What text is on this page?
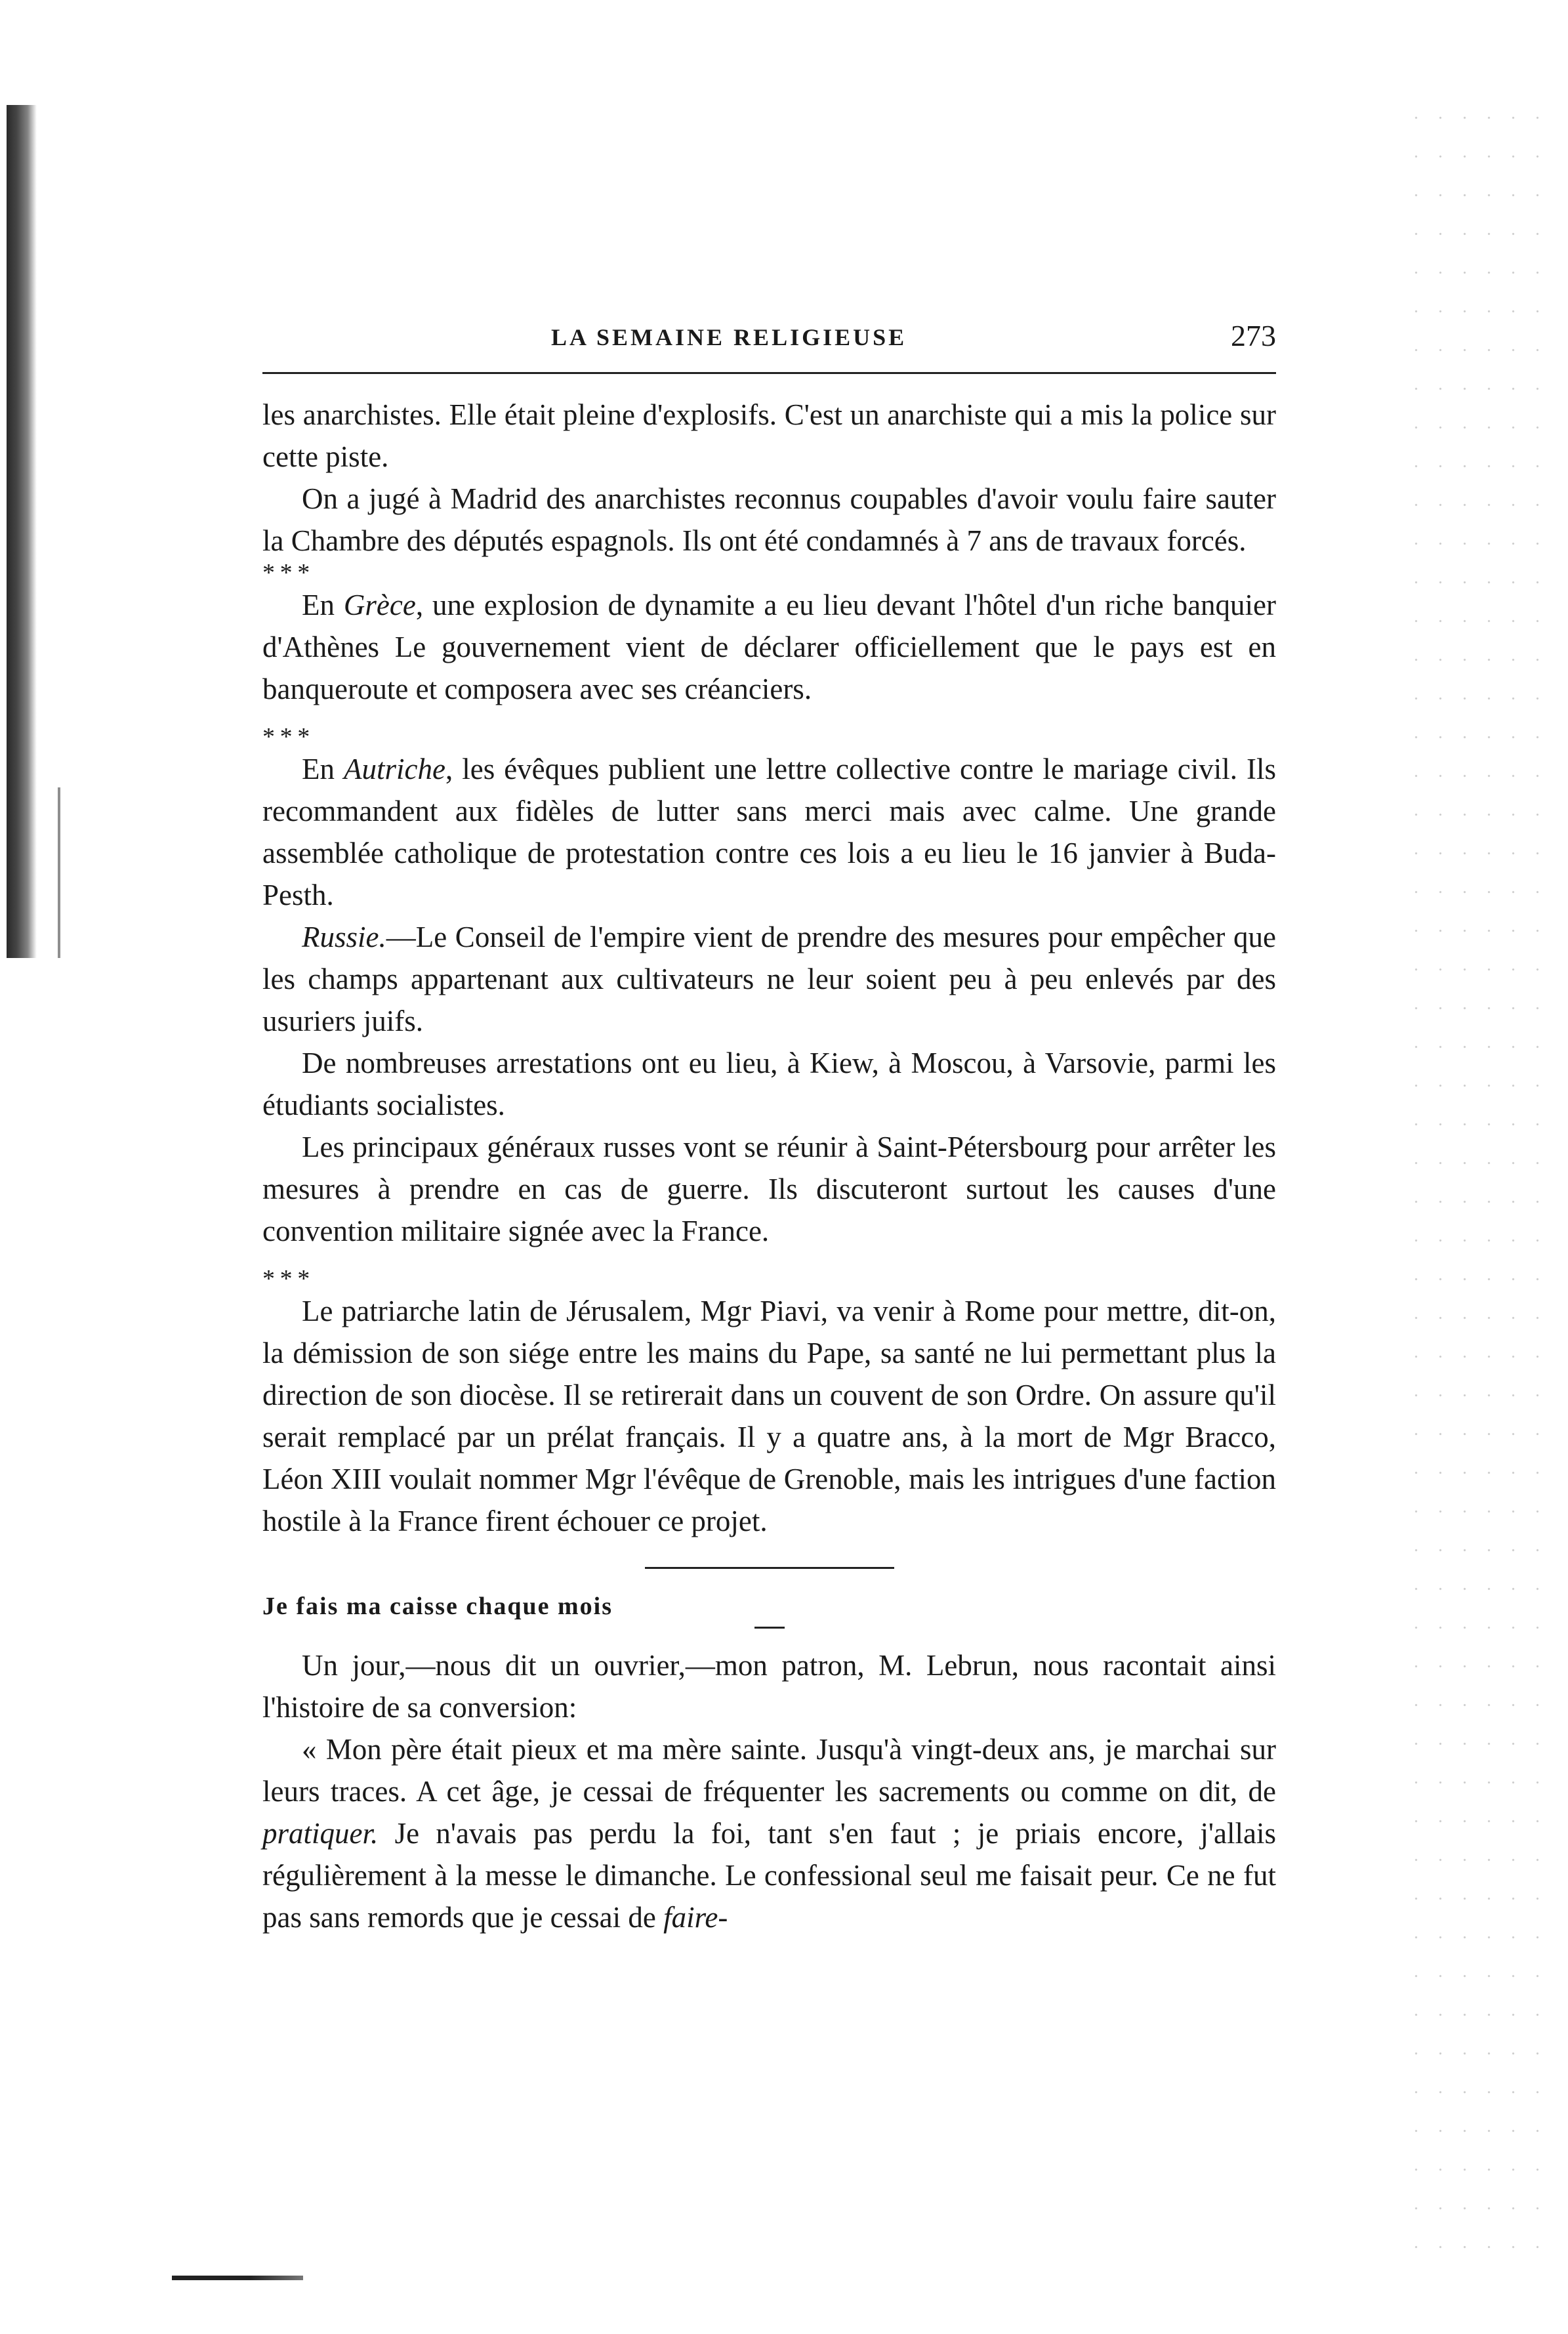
LA SEMAINE RELIGIEUSE	273

les anarchistes. Elle était pleine d'explosifs. C'est un anarchiste qui a mis la police sur cette piste.

On a jugé à Madrid des anarchistes reconnus coupables d'avoir voulu faire sauter la Chambre des députés espagnols. Ils ont été condamnés à 7 ans de travaux forcés.

* * *

En Grèce, une explosion de dynamite a eu lieu devant l'hôtel d'un riche banquier d'Athènes Le gouvernement vient de déclarer officiellement que le pays est en banqueroute et composera avec ses créanciers.

* * *

En Autriche, les évêques publient une lettre collective contre le mariage civil. Ils recommandent aux fidèles de lutter sans merci mais avec calme. Une grande assemblée catholique de protestation contre ces lois a eu lieu le 16 janvier à Buda-Pesth.

Russie.—Le Conseil de l'empire vient de prendre des mesures pour empêcher que les champs appartenant aux cultivateurs ne leur soient peu à peu enlevés par des usuriers juifs.

De nombreuses arrestations ont eu lieu, à Kiew, à Moscou, à Varsovie, parmi les étudiants socialistes.

Les principaux généraux russes vont se réunir à Saint-Pétersbourg pour arrêter les mesures à prendre en cas de guerre. Ils discuteront surtout les causes d'une convention militaire signée avec la France.

* * *

Le patriarche latin de Jérusalem, Mgr Piavi, va venir à Rome pour mettre, dit-on, la démission de son siége entre les mains du Pape, sa santé ne lui permettant plus la direction de son diocèse. Il se retirerait dans un couvent de son Ordre. On assure qu'il serait remplacé par un prélat français. Il y a quatre ans, à la mort de Mgr Bracco, Léon XIII voulait nommer Mgr l'évêque de Grenoble, mais les intrigues d'une faction hostile à la France firent échouer ce projet.

Je fais ma caisse chaque mois

Un jour,—nous dit un ouvrier,—mon patron, M. Lebrun, nous racontait ainsi l'histoire de sa conversion:

« Mon père était pieux et ma mère sainte. Jusqu'à vingt-deux ans, je marchai sur leurs traces. A cet âge, je cessai de fréquenter les sacrements ou comme on dit, de pratiquer. Je n'avais pas perdu la foi, tant s'en faut ; je priais encore, j'allais régulièrement à la messe le dimanche. Le confessional seul me faisait peur. Ce ne fut pas sans remords que je cessai de faire-
